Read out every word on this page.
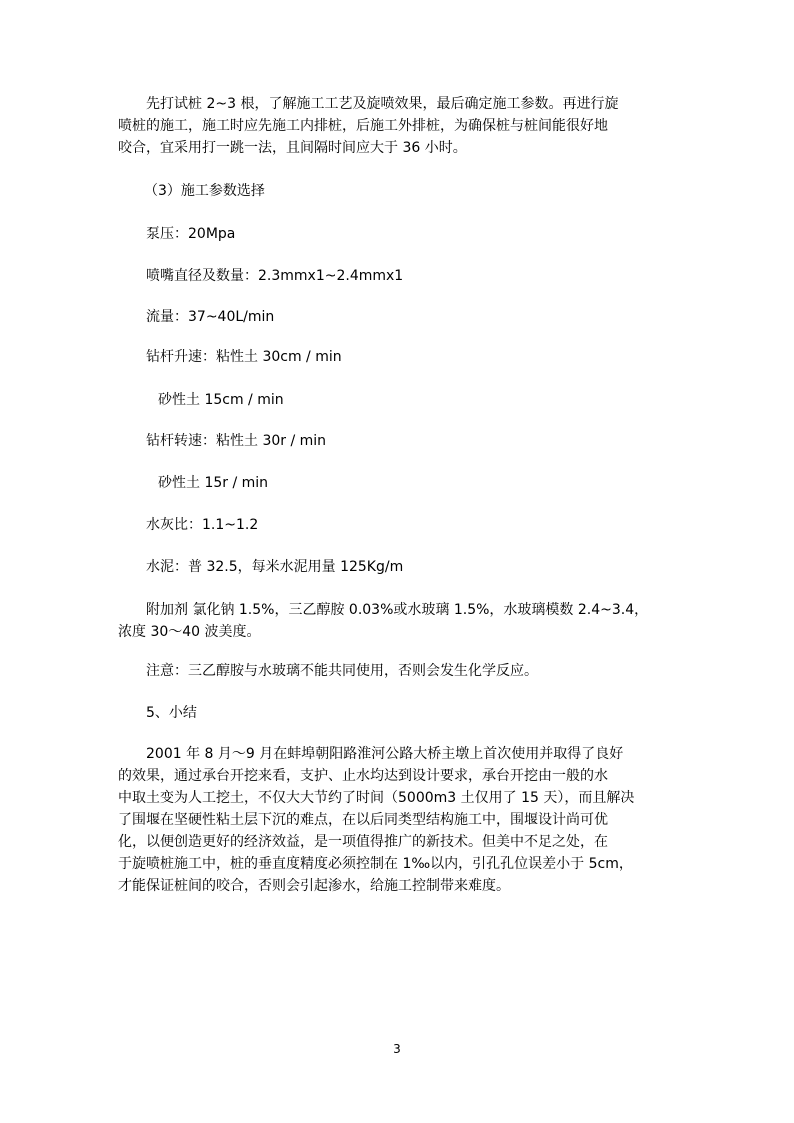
先打试桩 2~3 根，了解施工工艺及旋喷效果，最后确定施工参数。再进行旋
喷桩的施工，施工时应先施工内排桩，后施工外排桩，为确保桩与桩间能很好地
咬合，宜采用打一跳一法，且间隔时间应大于 36 小时。
（3）施工参数选择
泵压：20Mpa
喷嘴直径及数量：2.3mmx1~2.4mmx1
流量：37~40L/min
钻杆升速：粘性土 30cm / min
砂性土 15cm / min
钻杆转速：粘性土 30r / min
砂性土 15r / min
水灰比：1.1~1.2
水泥：普 32.5，每米水泥用量 125Kg/m
附加剂 氯化钠 1.5%，三乙醇胺 0.03%或水玻璃 1.5%，水玻璃模数 2.4~3.4，
浓度 30～40 波美度。
注意：三乙醇胺与水玻璃不能共同使用，否则会发生化学反应。
5、小结
2001 年 8 月～9 月在蚌埠朝阳路淮河公路大桥主墩上首次使用并取得了良好
的效果，通过承台开挖来看，支护、止水均达到设计要求，承台开挖由一般的水
中取土变为人工挖土，不仅大大节约了时间（5000m3 土仅用了 15 天），而且解决
了围堰在坚硬性粘土层下沉的难点，在以后同类型结构施工中，围堰设计尚可优
化，以便创造更好的经济效益，是一项值得推广的新技术。但美中不足之处，在
于旋喷桩施工中，桩的垂直度精度必须控制在 1‰以内，引孔孔位误差小于 5cm，
才能保证桩间的咬合，否则会引起渗水，给施工控制带来难度。
3
